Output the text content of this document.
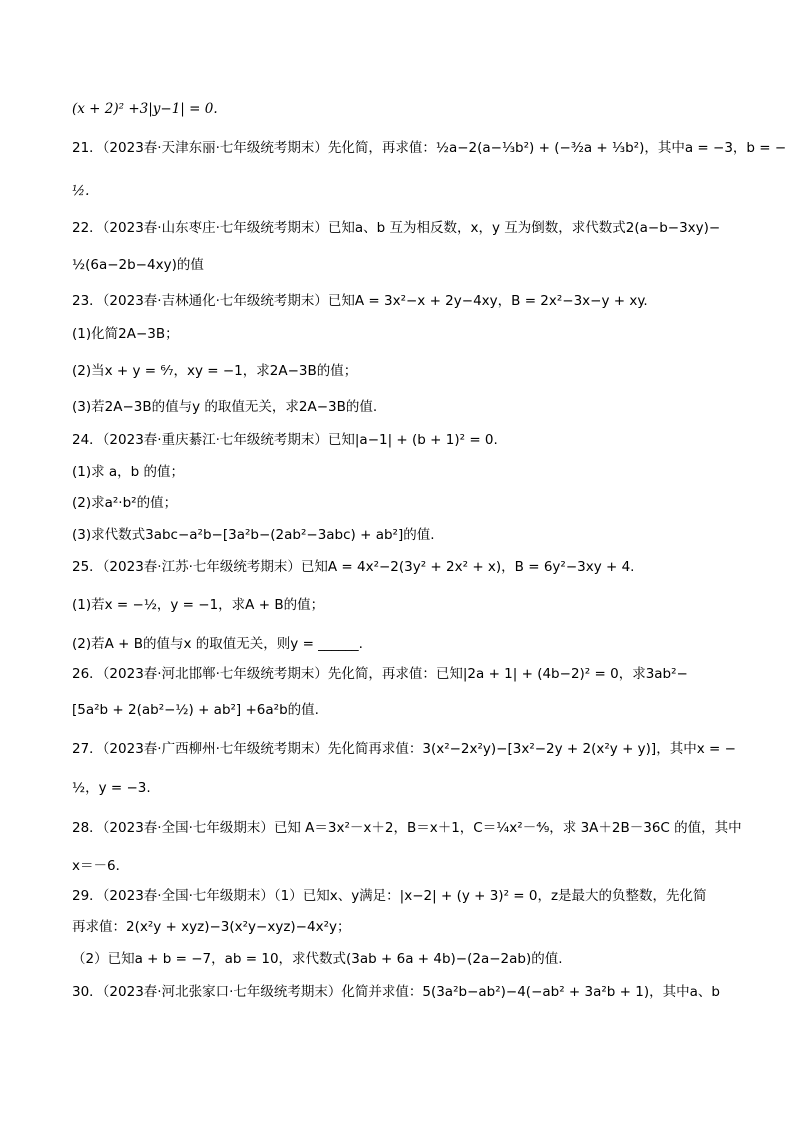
(x + 2)² +3|y−1| = 0.
21．（2023春·天津东丽·七年级统考期末）先化简，再求值：½a−2(a−⅓b²) + (−³⁄₂a + ⅓b²)，其中a = −3，b = −
½.
22．（2023春·山东枣庄·七年级统考期末）已知a、b 互为相反数，x，y 互为倒数，求代数式2(a−b−3xy)−
½(6a−2b−4xy)的值
23．（2023春·吉林通化·七年级统考期末）已知A = 3x²−x + 2y−4xy，B = 2x²−3x−y + xy.
(1)化简2A−3B；
(2)当x + y = ⁶⁄₇，xy = −1，求2A−3B的值；
(3)若2A−3B的值与y 的取值无关，求2A−3B的值.
24．（2023春·重庆綦江·七年级统考期末）已知|a−1| + (b + 1)² = 0.
(1)求 a，b 的值；
(2)求a²·b²的值；
(3)求代数式3abc−a²b−[3a²b−(2ab²−3abc) + ab²]的值.
25．（2023春·江苏·七年级统考期末）已知A = 4x²−2(3y² + 2x² + x)，B = 6y²−3xy + 4.
(1)若x = −½，y = −1，求A + B的值；
(2)若A + B的值与x 的取值无关，则y = ______.
26．（2023春·河北邯郸·七年级统考期末）先化简，再求值：已知|2a + 1| + (4b−2)² = 0，求3ab²−
[5a²b + 2(ab²−½) + ab²] +6a²b的值.
27．（2023春·广西柳州·七年级统考期末）先化简再求值：3(x²−2x²y)−[3x²−2y + 2(x²y + y)]，其中x = −
½，y = −3.
28．（2023春·全国·七年级期末）已知 A＝3x²－x＋2，B＝x＋1，C＝¼x²－⁴⁄₉，求 3A＋2B－36C 的值，其中
x＝－6．
29．（2023春·全国·七年级期末）（1）已知x、y满足：|x−2| + (y + 3)² = 0，z是最大的负整数，先化简
再求值：2(x²y + xyz)−3(x²y−xyz)−4x²y；
（2）已知a + b = −7，ab = 10，求代数式(3ab + 6a + 4b)−(2a−2ab)的值.
30．（2023春·河北张家口·七年级统考期末）化简并求值：5(3a²b−ab²)−4(−ab² + 3a²b + 1)，其中a、b
